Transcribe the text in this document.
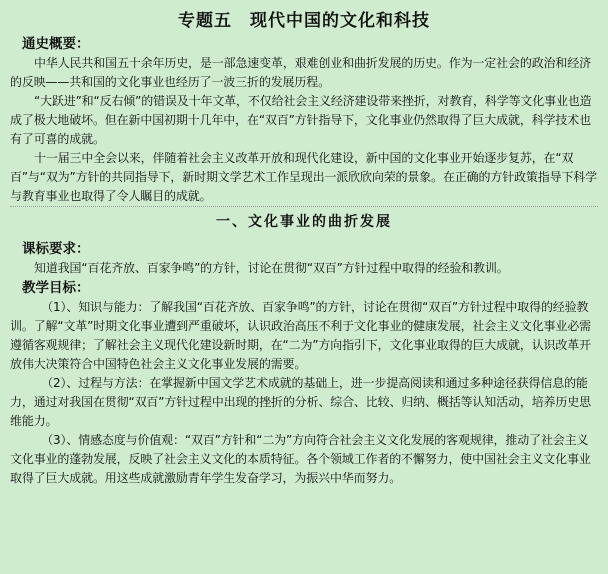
专题五　现代中国的文化和科技
通史概要：

中华人民共和国五十余年历史，是一部急速变革，艰难创业和曲折发展的历史。作为一定社会的政治和经济的反映——共和国的文化事业也经历了一波三折的发展历程。

“大跃进”和“反右倾”的错误及十年文革，不仅给社会主义经济建设带来挫折，对教育，科学等文化事业也造成了极大地破坏。但在新中国初期十几年中，在“双百”方针指导下，文化事业仍然取得了巨大成就，科学技术也有了可喜的成就。

十一届三中全会以来，伴随着社会主义改革开放和现代化建设，新中国的文化事业开始逐步复苏，在“双百”与“双为”方针的共同指导下，新时期文学艺术工作呈现出一派欣欣向荣的景象。在正确的方针政策指导下科学与教育事业也取得了令人瞩目的成就。

一、文化事业的曲折发展
课标要求：

知道我国“百花齐放、百家争鸣”的方针，讨论在贯彻“双百”方针过程中取得的经验和教训。

教学目标：

（1）、知识与能力：了解我国“百花齐放、百家争鸣”的方针，讨论在贯彻“双百”方针过程中取得的经验教训。了解“文革”时期文化事业遭到严重破坏，认识政治高压不利于文化事业的健康发展，社会主义文化事业必需遵循客观规律；了解社会主义现代化建设新时期，在“二为”方向指引下，文化事业取得的巨大成就，认识改革开放伟大决策符合中国特色社会主义文化事业发展的需要。

（2）、过程与方法：在掌握新中国文学艺术成就的基础上，进一步提高阅读和通过多种途径获得信息的能力，通过对我国在贯彻“双百”方针过程中出现的挫折的分析、综合、比较、归纳、概括等认知活动，培养历史思维能力。

（3）、情感态度与价值观：“双百”方针和“二为”方向符合社会主义文化发展的客观规律，推动了社会主义文化事业的蓬勃发展，反映了社会主义文化的本质特征。各个领域工作者的不懈努力，使中国社会主义文化事业取得了巨大成就。用这些成就激励青年学生发奋学习，为振兴中华而努力。
